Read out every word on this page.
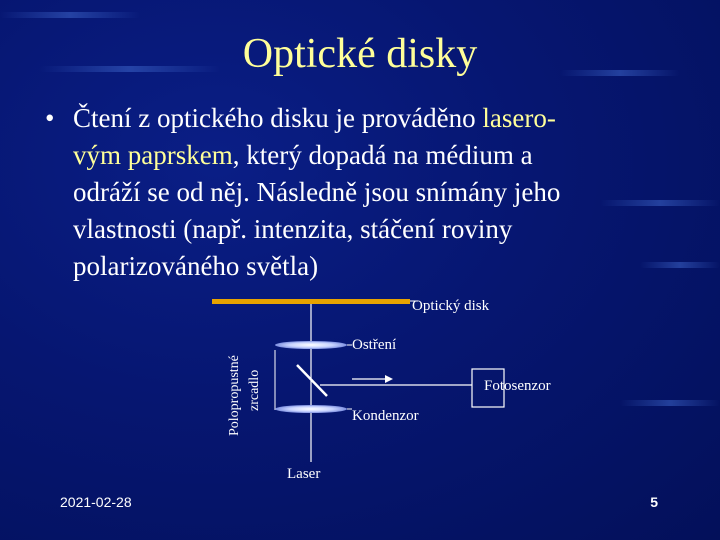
Optické disky
• Čtení z optického disku je prováděno lasero-
vým paprskem, který dopadá na médium a
odráží se od něj. Následně jsou snímány jeho
vlastnosti (např. intenzita, stáčení roviny
polarizováného světla)
Optický disk
Ostření
Fotosenzor
Kondenzor
Laser
Polopropustné zrcadlo
2021-02-28	5
